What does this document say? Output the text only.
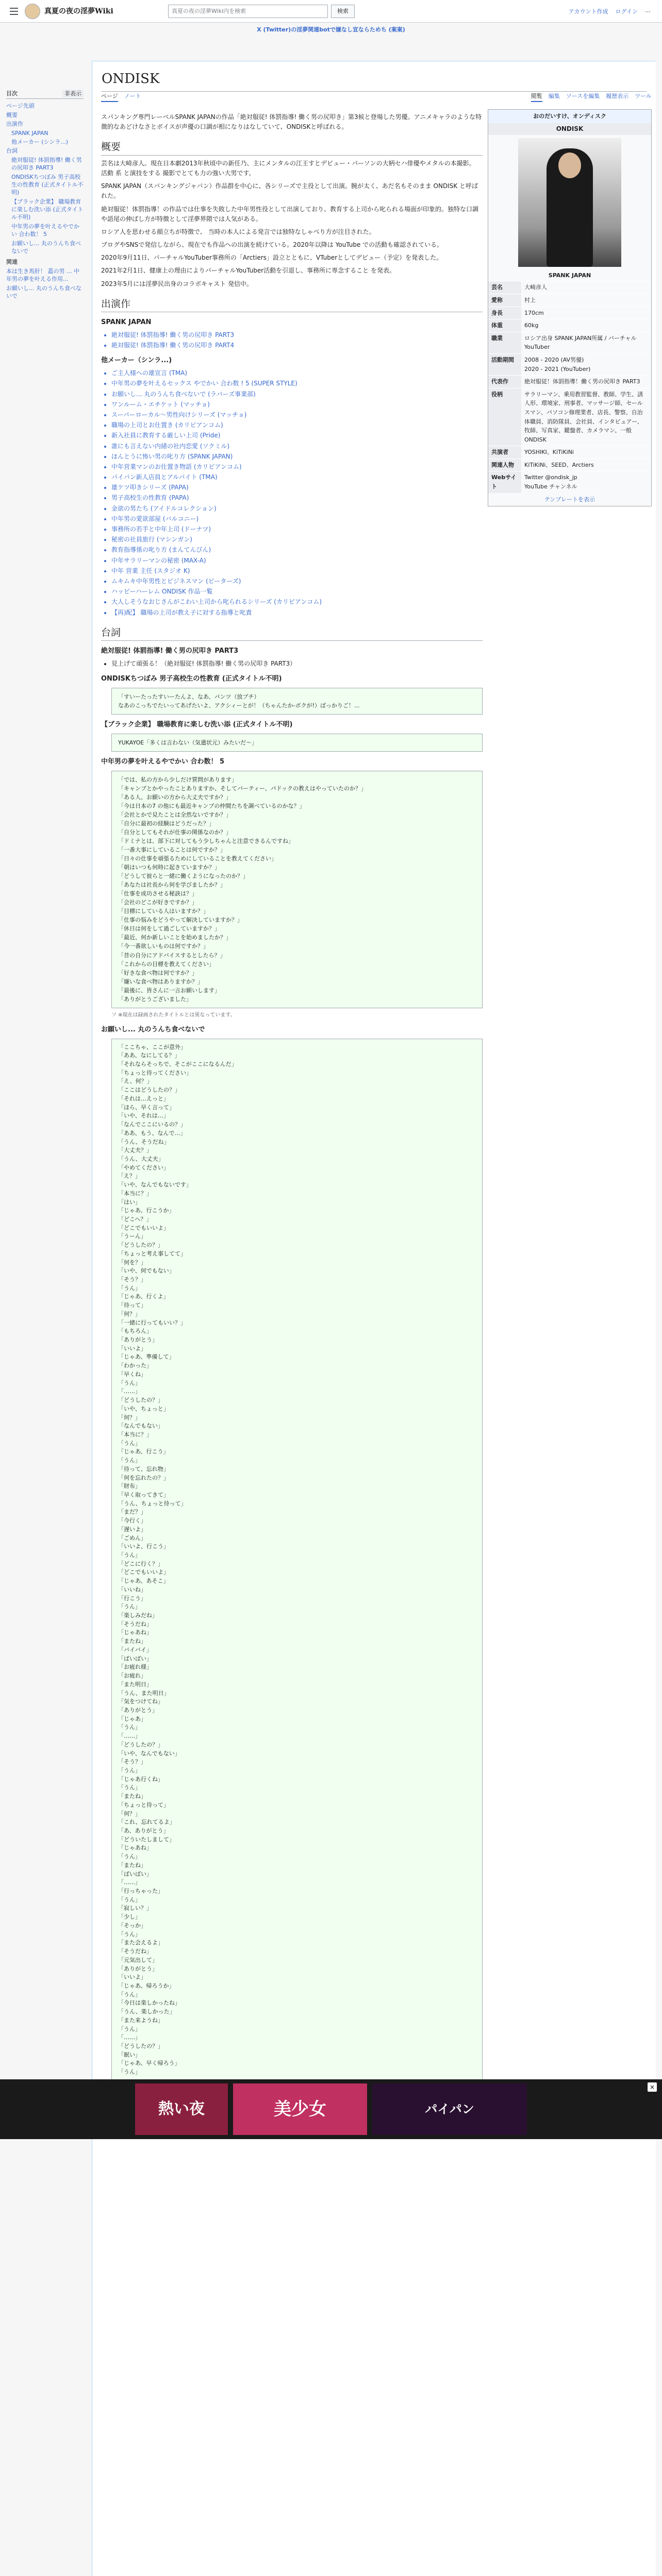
真夏の夜の淫夢Wiki	真夏の夜の淫夢Wiki内を検索	検索	アカウント作成 ログイン ⋯
X (Twitter)の淫夢関連botで嫌なし宣ならためち (案案)
目次	非表示
ページ先頭
概要
出演作
SPANK JAPAN
他メーカー (シンラ...)
台詞
絶対服従! 体罰指導! 働く男の尻叩き PART3
ONDISKちつぼみ 男子高校生の性教育 (正式タイトル不明)
【ブラック企業】 職場教育に楽しむ洗い添 (正式タイトル不明)
中年男の夢を叶えるやでかい 合わ数！ 5
お願いし... 丸のうんち食べないで
関連
本は生き馬肝！ 蓋の男 ... 中年男の夢を叶える作用...
お願いし... 丸のうんち食べないで
ONDISK
ページ ノート	閲覧 編集 ソースを編集 履歴表示 ツール

スパンキング専門レーベルSPANK JAPANの作品「絶対服従! 体罰指導! 働く男の尻叩き」第3候と登場した男優。アニメキャラのような特徴的なあどけなさとボイスが声優の口調が相になりはなしていて、ONDISKと呼ばれる。

概要

芸名は大崎彦人。現在日本劇2013年秋頃中の新任乃、主にメンタルの江王すとデビュー・パーソンの大柄セハ俳優やメタルの本撮影。 活動 系 と演技をする 撮影でとても力の強い大男です。

SPANK JAPAN（スパンキングジャパン）作品群を中心に、各シリーズで主役として出演。腕が太く、あだ名もそのまま ONDISK と呼ばれた。

絶対服従！体罰指導！の作品では仕事を失敗した中年男性役として出演しており、教育する上司から叱られる場面が印象的。独特な口調や語尾の伸ばし方が特徴として淫夢界隈では人気がある。

ロシア人を思わせる顔立ちが特徴で、 当時の本人による発言では独特なしゃべり方が注目された。

ブログやSNSで発信しながら、現在でも作品への出演を続けている。2020年以降は YouTube での活動も確認されている。

2020年9月11日、パーチャルYouTuber事務所の「Arctiers」設立とともに、VTuberとしてデビュー（予定）を発表した。

2021年2月1日、健康上の理由によりバーチャルYouTuber活動を引退し、事務所に専念すること を発表。

2023年5月には淫夢民出身のコラボキャスト 発信中。

出演作
SPANK JAPAN
• 絶対服従! 体罰指導! 働く男の尻叩き PART3
• 絶対服従! 体罰指導! 働く男の尻叩き PART4
他メーカー（シンラ...)
• ご主人様への雄宣言 (TMA)
• 中年男の夢を叶えるセックス やでかい 合わ数 ! 5 (SUPER STYLE)
• お願いし... 丸のうんち食べないで (ラバーズ事業部)
• ワンルーム・エチケット (マッチョ)
• スーパーローカル～男性向けシリーズ (マッチョ)
• 職場の上司とお仕置き (カリビアンコム)
• 新入社員に教育する厳しい上司 (Pride)
• 誰にも言えない内緒の社内恋愛 (ソクミル)
• ほんとうに怖い男の叱り方 (SPANK JAPAN)
• 中年営業マンのお仕置き物語 (カリビアンコム)
• パイパン新人店員とアルバイト (TMA)
• 雄ケツ叩きシリーズ (PAPA)
• 男子高校生の性教育 (PAPA)
• 金欲の男たち (アイドルコレクション)
• 中年男の愛欲部屋 (バルコニー)
• 事務所の若手と中年上司 (ドーナツ)
• 秘密の社員旅行 (マシンガン)
• 教育指導係の叱り方 (まんてんびん)
• 中年サラリーマンの秘密 (MAX-A)
• 中年 営業 主任 (スタジオ K)
• ムキムキ中年男性とビジネスマン (ピーターズ)
• ハッピーハーレム ONDISK 作品一覧
• 大人しそうなおじさんがこわい上司から叱られるシリーズ (カリビアンコム)
• 【再)配】 職場の上司が教え子に対する指導と叱責
台詞
絶対服従! 体罰指導! 働く男の尻叩き PART3
• 見上げて頑張る！（絶対服従! 体罰指導! 働く男の尻叩き PART3）
ONDISKちつぼみ 男子高校生の性教育 (正式タイトル不明)
「すいーたったすいーたんよ、なあ、パンツ（放プチ）
なあのこっちでたいってあげたいよ、アクシィーとが！（ちゃんたか-ボクが!）ばっかりご！...
【ブラック企業】 職場教育に楽しむ洗い添 (正式タイトル不明)
YUKAYOE「多くは言わない（気遣状元）みたいだ～」
中年男の夢を叶えるやでかい 合わ数！ 5
「では、私の方から少しだけ質問があります」
「キャンプとかやったことありますか、そしてパーティー、パドックの教えはやっていたのか？」
「ある人、お願いの方から大丈夫ですか？」
「今は日本の7 の他にも最近キャンプの仲間たちを調べているのかな？」
「会社とかで見たことは全然ないですか？」
「自分に最初の経験はどうだった？」
「自分としてもそれが仕事の関係なのか？」
「ドミナとは、部下に対してもう少しちゃんと注意できるんですね」
「一番大事にしていることは何ですか？」
「日々の仕事を頑張るためにしていることを教えてください」
「朝はいつも何時に起きていますか？」
「どうして彼らと一緒に働くようになったのか？」
「あなたは社長から何を学びましたか？」
「仕事を成功させる秘訣は？」
「会社のどこが好きですか？」
「目標にしている人はいますか？」
「仕事の悩みをどうやって解決していますか？」
「休日は何をして過ごしていますか？」
「最近、何か新しいことを始めましたか？」
「今一番欲しいものは何ですか？」
「昔の自分にアドバイスするとしたら？」
「これからの目標を教えてください」
「好きな食べ物は何ですか？」
「嫌いな食べ物はありますか？」
「最後に、皆さんに一言お願いします」
「ありがとうございました」
ソ ※現在は録画されたタイトルとは異なっています。
お願いし... 丸のうんち食べないで
「ここちゃ、ここが意外」
「ああ、なにしてる？」
「それならそっちで、そこがここになるんだ」
「ちょっと待ってください」
「え、何？」
「ここはどうしたの？」
「それは…えっと」
「ほら、早く言って」
「いや、それは…」
「なんでここにいるの？」
「ああ、もう、なんで…」
「うん、そうだね」
「大丈夫？」
「うん、大丈夫」
「やめてください」
「え？」
「いや、なんでもないです」
「本当に？」
「はい」
「じゃあ、行こうか」
「どこへ？」
「どこでもいいよ」
「うーん」
「どうしたの？」
「ちょっと考え事してて」
「何を？」
「いや、何でもない」
「そう？」
「うん」
「じゃあ、行くよ」
「待って」
「何？」
「一緒に行ってもいい？」
「もちろん」
「ありがとう」
「いいよ」
「じゃあ、準備して」
「わかった」
「早くね」
「うん」
「……」
「どうしたの？」
「いや、ちょっと」
「何？」
「なんでもない」
「本当に？」
「うん」
「じゃあ、行こう」
「うん」
「待って、忘れ物」
「何を忘れたの？」
「財布」
「早く取ってきて」
「うん、ちょっと待って」
「まだ？」
「今行く」
「遅いよ」
「ごめん」
「いいよ、行こう」
「うん」
「どこに行く？」
「どこでもいいよ」
「じゃあ、あそこ」
「いいね」
「行こう」
「うん」
「楽しみだね」
「そうだね」
「じゃあね」
「またね」
「バイバイ」
「ばいばい」
「お疲れ様」
「お疲れ」
「また明日」
「うん、また明日」
「気をつけてね」
「ありがとう」
「じゃあ」
「うん」
「……」
「どうしたの？」
「いや、なんでもない」
「そう？」
「うん」
「じゃあ行くね」
「うん」
「またね」
「ちょっと待って」
「何？」
「これ、忘れてるよ」
「あ、ありがとう」
「どういたしまして」
「じゃあね」
「うん」
「またね」
「ばいばい」
「……」
「行っちゃった」
「うん」
「寂しい？」
「少し」
「そっか」
「うん」
「また会えるよ」
「そうだね」
「元気出して」
「ありがとう」
「いいよ」
「じゃあ、帰ろうか」
「うん」
「今日は楽しかったね」
「うん、楽しかった」
「また来ようね」
「うん」
「……」
「どうしたの？」
「眠い」
「じゃあ、早く帰ろう」
「うん」
おのだいすけ、オンディスク
ONDISK
SPANK JAPAN
芸名	大崎彦人
愛称	村上
身長	170cm
体重	60kg
職業	ロシア出身 SPANK JAPAN所属 / バーチャル YouTuber
活動期間	2008 - 2020 (AV男優)
2020 - 2021 (YouTuber)
代表作	絶対服従！体罰指導！働く男の尻叩き PART3
役柄	サラリーマン、乗用教習監督、教師、学生、誘人形、環境家、刑事者、マッサージ師、セールスマン、パソコン修理業者、店長、警察、自治体職員、消防隊員、会社員、インタビュアー、牧師、写真家、鍵盤者、カメラマン、一般ONDISK
共演者	YOSHIKI、KiTiKiNi
関連人物	KiTiKiNi、SEED、Arctiers
Webサイト	Twitter @ondisk_jp
YouTube チャンネル
テンプレートを表示
熱い夜	美少女	パイパン
×
